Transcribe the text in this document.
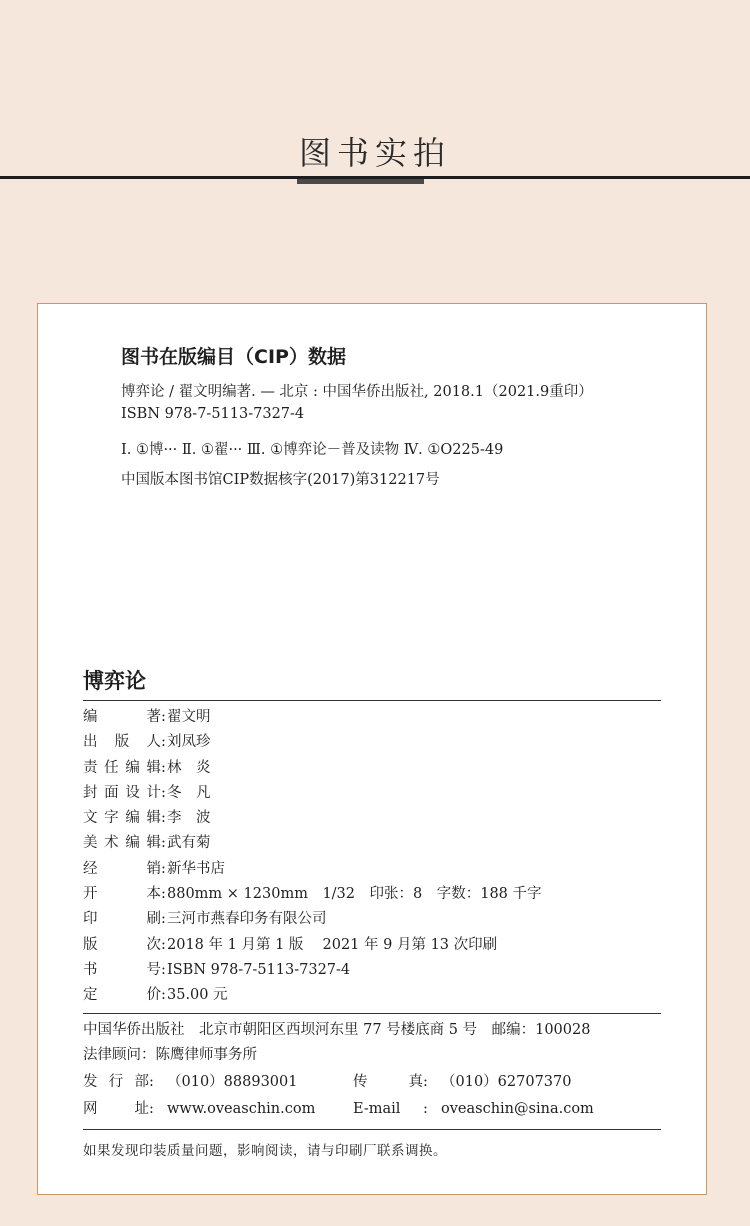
图书实拍
图书在版编目（CIP）数据
博弈论 / 翟文明编著. — 北京 : 中国华侨出版社, 2018.1（2021.9重印）
ISBN 978-7-5113-7327-4
Ⅰ. ①博··· Ⅱ. ①翟··· Ⅲ. ①博弈论－普及读物 Ⅳ. ①O225-49
中国版本图书馆CIP数据核字(2017)第312217号
博弈论
编著 : 翟文明
出版人 : 刘凤珍
责任编辑 : 林　炎
封面设计 : 冬　凡
文字编辑 : 李　波
美术编辑 : 武有菊
经销 : 新华书店
开本 : 880mm × 1230mm　1/32　印张：8　字数：188 千字
印刷 : 三河市燕春印务有限公司
版次 : 2018 年 1 月第 1 版　 2021 年 9 月第 13 次印刷
书号 : ISBN 978-7-5113-7327-4
定价 : 35.00 元
中国华侨出版社　北京市朝阳区西坝河东里 77 号楼底商 5 号　邮编：100028
法律顾问：陈鹰律师事务所
发行部 : （010）88893001	传真 : （010）62707370
网址 : www.oveaschin.com	E-mail	: oveaschin@sina.com
如果发现印装质量问题，影响阅读，请与印刷厂联系调换。
